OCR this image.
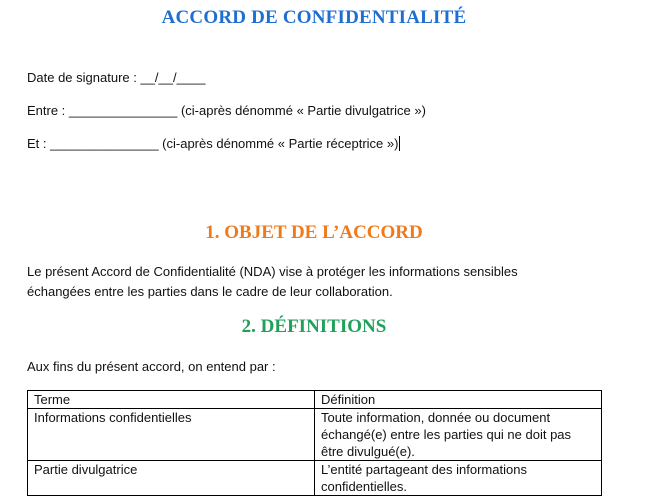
ACCORD DE CONFIDENTIALITÉ

Date de signature : __/__/____

Entre : _______________ (ci-après dénommé « Partie divulgatrice »)

Et : _______________ (ci-après dénommé « Partie réceptrice »)

1. OBJET DE L’ACCORD
Le présent Accord de Confidentialité (NDA) vise à protéger les informations sensibles
échangées entre les parties dans le cadre de leur collaboration.
2. DÉFINITIONS

Aux fins du présent accord, on entend par :

Terme	Définition
Informations confidentielles	Toute information, donnée ou document
échangé(e) entre les parties qui ne doit pas
être divulgué(e).

Partie divulgatrice	L’entité partageant des informations
confidentielles.
